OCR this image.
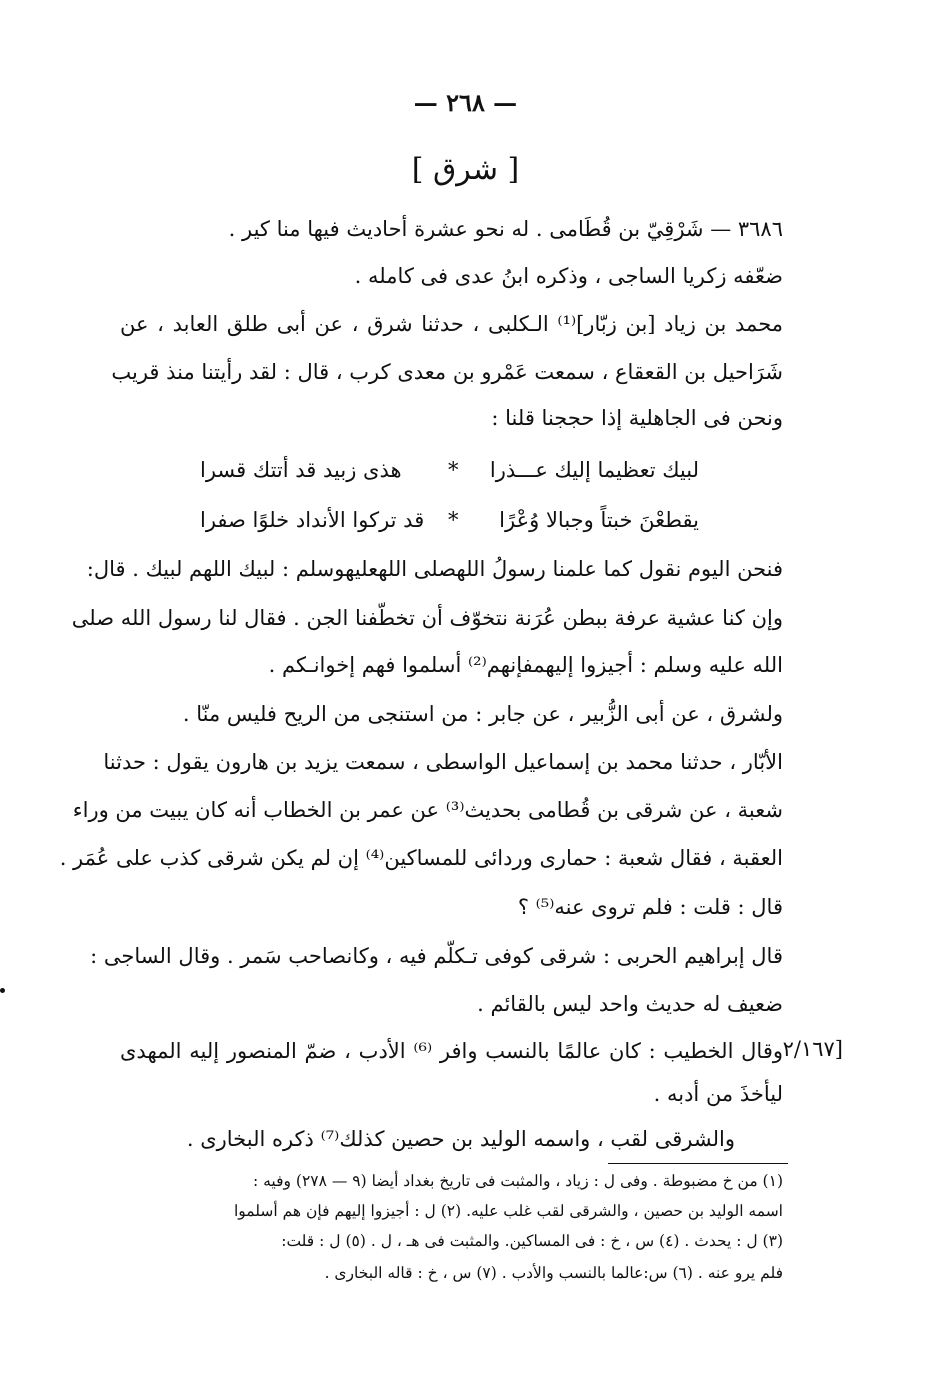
— ٢٦٨ —
[ شرق ]
٣٦٨٦ — شَرْقِيّ بن قُطَامى . له نحو عشرة أحاديث فيها منا كير .
ضعّفه زكريا الساجى ، وذكره ابنُ عدى فى كامله .
محمد بن زياد [بن زبّار]⁽¹⁾ الـكلبى ، حدثنا شرق ، عن أبى طلق العابد ، عن
شَرَاحيل بن القعقاع ، سمعت عَمْرو بن معدى كرب ، قال : لقد رأيتنا منذ قريب
ونحن فى الجاهلية إذا حججنا قلنا :
لبيك تعظيما إليك عـــذرا
*
هذى زبيد قد أتتك قسرا
يقطعْنَ خبتاً وجبالا وُعْرًا
*
قد تركوا الأنداد خلوًا صفرا
فنحن اليوم نقول كما علمنا رسولُ اللهصلى اللهعليهوسلم : لبيك اللهم لبيك . قال:
وإن كنا عشية عرفة ببطن عُرَنة نتخوّف أن تخطّفنا الجن . فقال لنا رسول الله صلى
الله عليه وسلم : أجيزوا إليهمفإنهم⁽²⁾ أسلموا فهم إخوانـكم .
ولشرق ، عن أبى الزُّبير ، عن جابر : من استنجى من الريح فليس منّا .
الأبّار ، حدثنا محمد بن إسماعيل الواسطى ، سمعت يزيد بن هارون يقول : حدثنا
شعبة ، عن شرقى بن قُطامى بحديث⁽³⁾ عن عمر بن الخطاب أنه كان يبيت من وراء
العقبة ، فقال شعبة : حمارى وردائى للمساكين⁽⁴⁾ إن لم يكن شرقى كذب على عُمَر .
قال : قلت : فلم تروى عنه⁽⁵⁾ ؟
قال إبراهيم الحربى : شرقى كوفى تـكلّم فيه ، وكانصاحب سَمر . وقال الساجى :
ضعيف له حديث واحد ليس بالقائم .
وقال الخطيب : كان عالمًا بالنسب وافر ⁽⁶⁾ الأدب ، ضمّ المنصور إليه المهدى [٢/١٦٧
ليأخذَ من أدبه .
والشرقى لقب ، واسمه الوليد بن حصين كذلك⁽⁷⁾ ذكره البخارى .
(١) من خ مضبوطة . وفى ل : زياد ، والمثبت فى تاريخ بغداد أيضا (٩ — ٢٧٨) وفيه :
اسمه الوليد بن حصين ، والشرقى لقب غلب عليه. (٢) ل : أجيزوا إليهم فإن هم أسلموا
(٣) ل : يحدث . (٤) س ، خ : فى المساكين. والمثبت فى هـ ، ل . (٥) ل : قلت:
فلم يرو عنه . (٦) س:عالما بالنسب والأدب . (٧) س ، خ : قاله البخارى .
